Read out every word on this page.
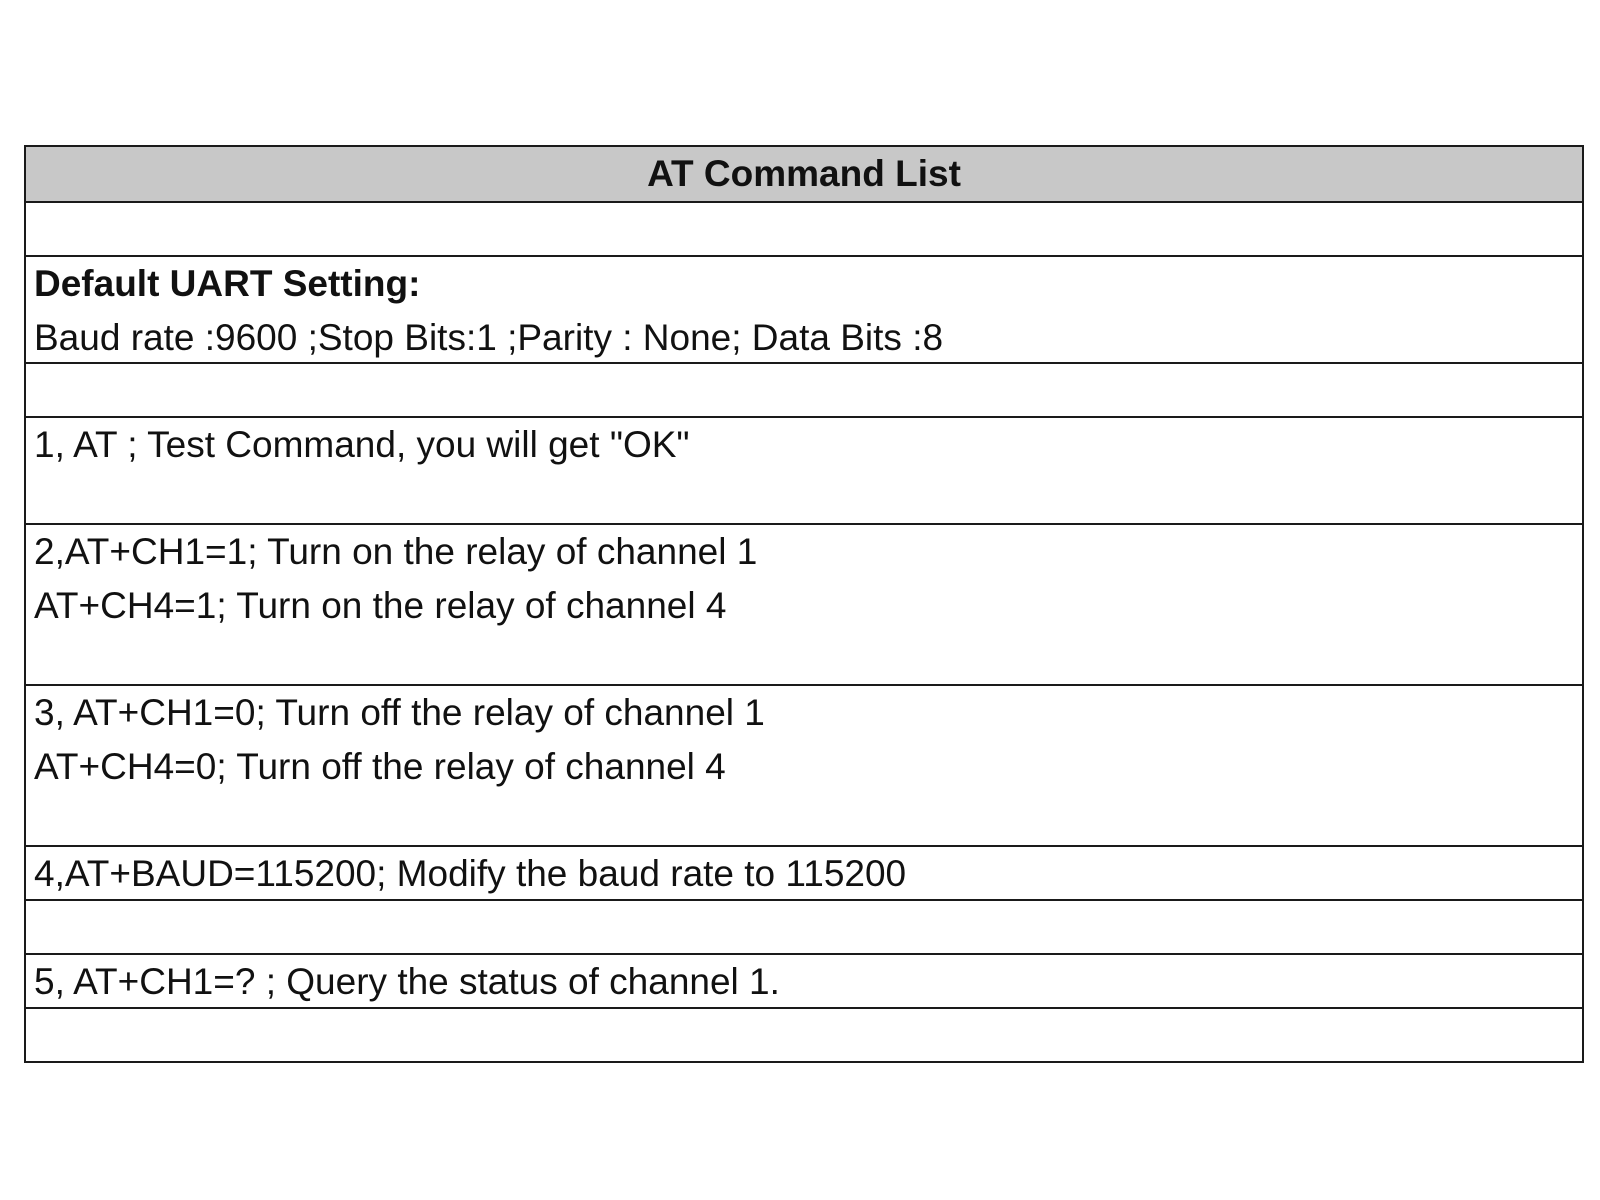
AT Command List
Default UART Setting:
Baud rate :9600 ;Stop Bits:1 ;Parity : None; Data Bits :8
1, AT ; Test Command, you will get "OK"
2,AT+CH1=1; Turn on the relay of channel 1
AT+CH4=1; Turn on the relay of channel 4
3, AT+CH1=0; Turn off the relay of channel 1
AT+CH4=0; Turn off the relay of channel 4
4,AT+BAUD=115200; Modify the baud rate to 115200
5, AT+CH1=? ; Query the status of channel 1.
